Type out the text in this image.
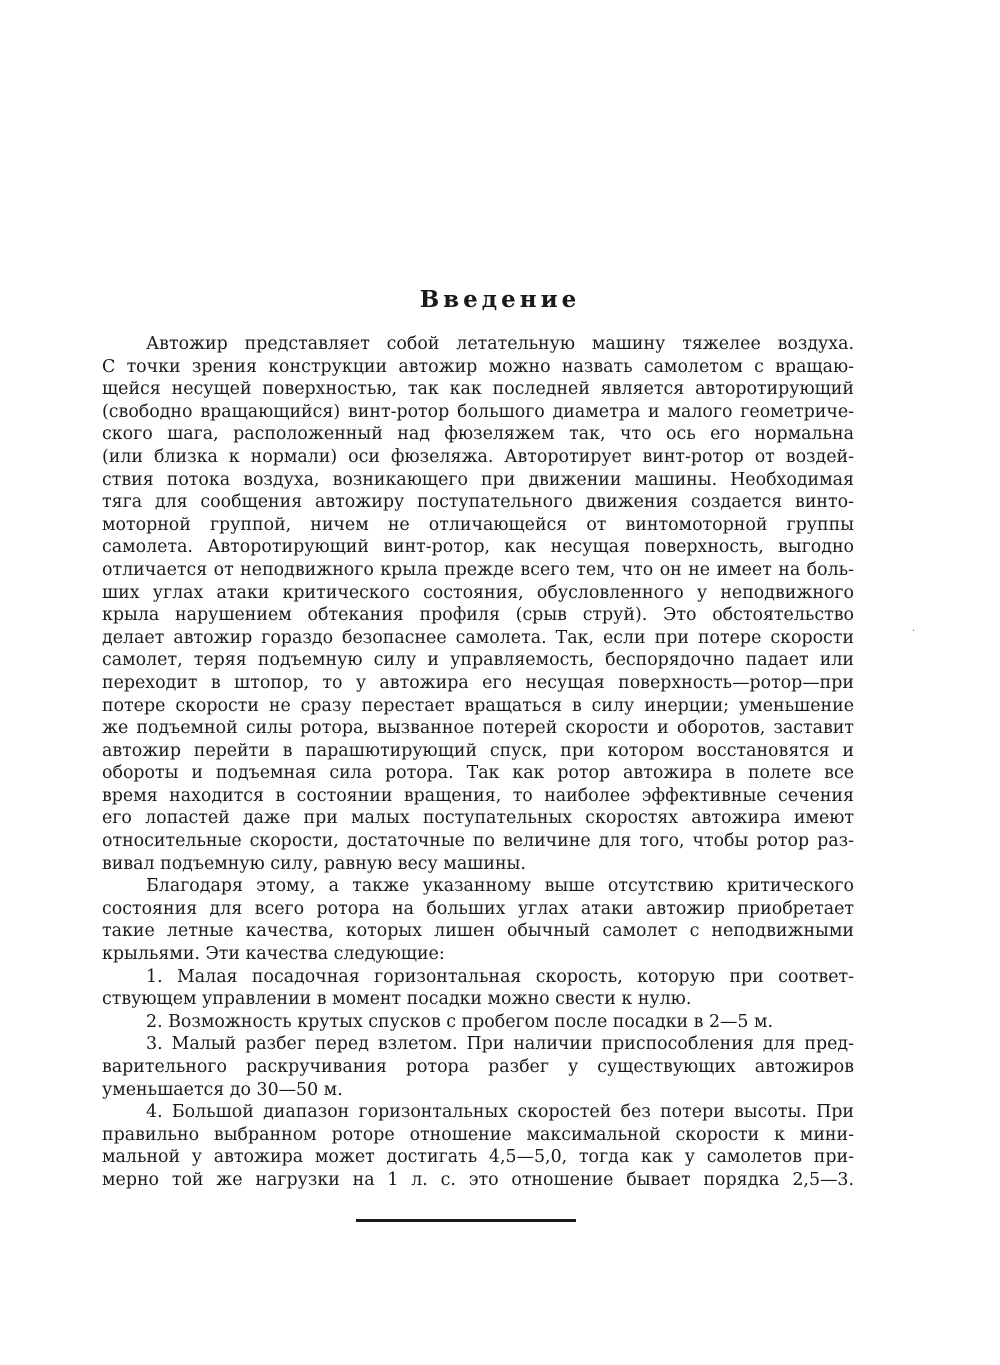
Введение
Автожир представляет собой летательную машину тяжелее воздуха.
С точки зрения конструкции автожир можно назвать самолетом с вращаю-
щейся несущей поверхностью, так как последней является авторотирующий
(свободно вращающийся) винт-ротор большого диаметра и малого геометриче-
ского шага, расположенный над фюзеляжем так, что ось его нормальна
(или близка к нормали) оси фюзеляжа. Авторотирует винт-ротор от воздей-
ствия потока воздуха, возникающего при движении машины. Необходимая
тяга для сообщения автожиру поступательного движения создается винто-
моторной группой, ничем не отличающейся от винтомоторной группы
самолета. Авторотирующий винт-ротор, как несущая поверхность, выгодно
отличается от неподвижного крыла прежде всего тем, что он не имеет на боль-
ших углах атаки критического состояния, обусловленного у неподвижного
крыла нарушением обтекания профиля (срыв струй). Это обстоятельство
делает автожир гораздо безопаснее самолета. Так, если при потере скорости
самолет, теряя подъемную силу и управляемость, беспорядочно падает или
переходит в штопор, то у автожира его несущая поверхность—ротор—при
потере скорости не сразу перестает вращаться в силу инерции; уменьшение
же подъемной силы ротора, вызванное потерей скорости и оборотов, заставит
автожир перейти в парашютирующий спуск, при котором восстановятся и
обороты и подъемная сила ротора. Так как ротор автожира в полете все
время находится в состоянии вращения, то наиболее эффективные сечения
его лопастей даже при малых поступательных скоростях автожира имеют
относительные скорости, достаточные по величине для того, чтобы ротор раз-
вивал подъемную силу, равную весу машины.
Благодаря этому, а также указанному выше отсутствию критического
состояния для всего ротора на больших углах атаки автожир приобретает
такие летные качества, которых лишен обычный самолет с неподвижными
крыльями. Эти качества следующие:
1. Малая посадочная горизонтальная скорость, которую при соответ-
ствующем управлении в момент посадки можно свести к нулю.
2. Возможность крутых спусков с пробегом после посадки в 2—5 м.
3. Малый разбег перед взлетом. При наличии приспособления для пред-
варительного раскручивания ротора разбег у существующих автожиров
уменьшается до 30—50 м.
4. Большой диапазон горизонтальных скоростей без потери высоты. При
правильно выбранном роторе отношение максимальной скорости к мини-
мальной у автожира может достигать 4,5—5,0, тогда как у самолетов при-
мерно той же нагрузки на 1 л. с. это отношение бывает порядка 2,5—3.
·
